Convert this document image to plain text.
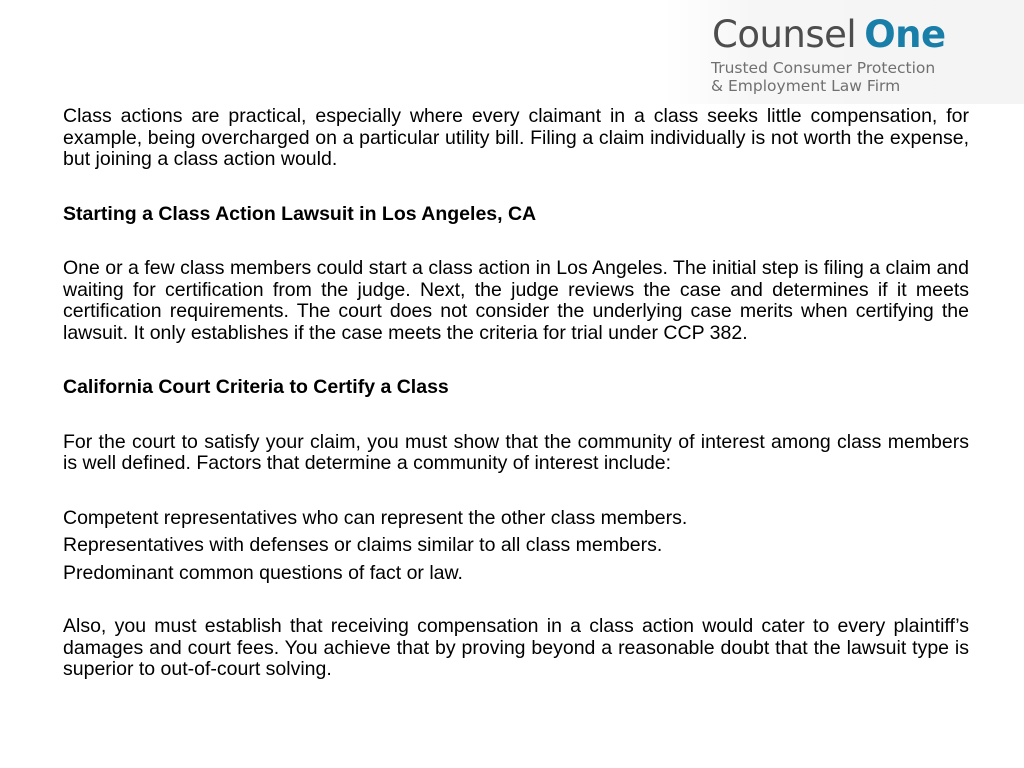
Counsel One
Trusted Consumer Protection
& Employment Law Firm

Class actions are practical, especially where every claimant in a class seeks little compensation, for example, being overcharged on a particular utility bill. Filing a claim individually is not worth the expense, but joining a class action would.

Starting a Class Action Lawsuit in Los Angeles, CA

One or a few class members could start a class action in Los Angeles. The initial step is filing a claim and waiting for certification from the judge. Next, the judge reviews the case and determines if it meets certification requirements. The court does not consider the underlying case merits when certifying the lawsuit. It only establishes if the case meets the criteria for trial under CCP 382.

California Court Criteria to Certify a Class

For the court to satisfy your claim, you must show that the community of interest among class members is well defined. Factors that determine a community of interest include:

Competent representatives who can represent the other class members.
Representatives with defenses or claims similar to all class members.
Predominant common questions of fact or law.

Also, you must establish that receiving compensation in a class action would cater to every plaintiff’s damages and court fees. You achieve that by proving beyond a reasonable doubt that the lawsuit type is superior to out-of-court solving.
